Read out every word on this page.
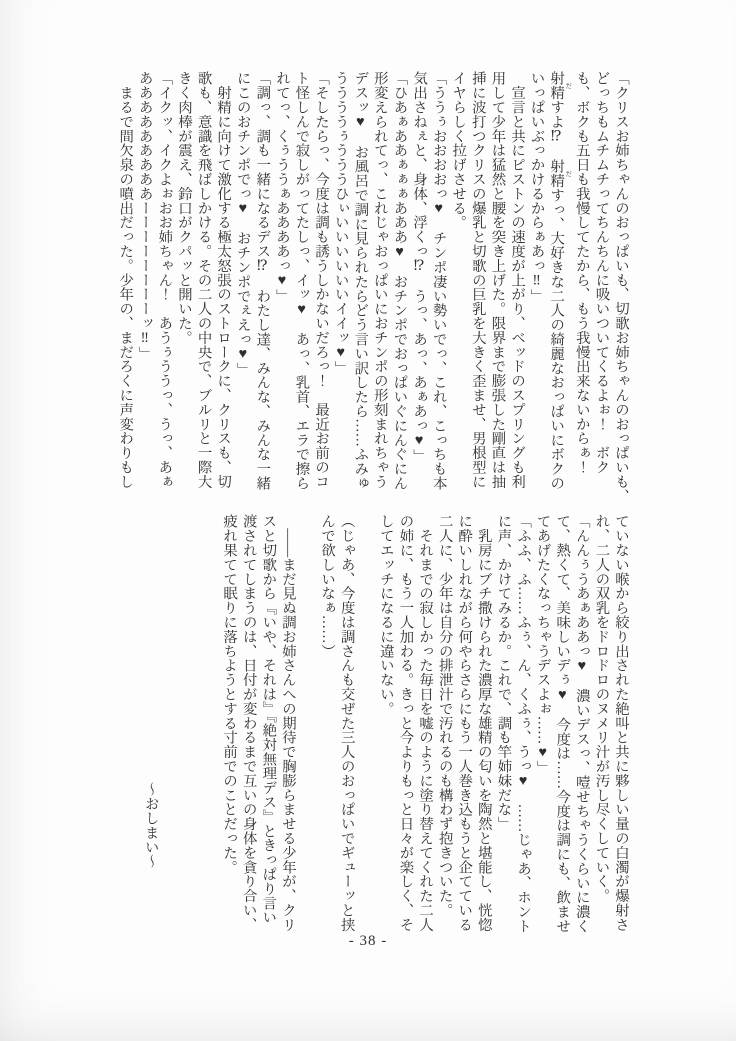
「クリスお姉ちゃんのおっぱいも、切歌お姉ちゃんのおっぱいも、

どっちもムチムチってちんちんに吸いついてくるよぉ！　ボク

も、ボクも五日も我慢してたから、もう我慢出来ないからぁ！

射精 だすよ⁉　射精 だすっ、大好きな二人の綺麗なおっぱいにボクの

いっぱいぶっかけるからぁあっ‼」

　宣言と共にピストンの速度が上がり、ベッドのスプリングも利

用して少年は猛然と腰を突き上げた。限界まで膨張した剛直は抽

挿に波打つクリスの爆乳と切歌の巨乳を大きく歪ませ、男根型に

イヤらしく拉げさせる。

「ううぅおおおおっ♥　チンポ凄い勢いでっ、これ、こっちも本

気出さねぇと、身体、浮くっ⁉　うっ、あっ、あぁあっ♥」

「ひあぁああぁぁぁあああ♥　おチンポでおっぱいぐにんぐにん

形変えられてっ、これじゃおっぱいにおチンポの形刻まれちゃう

デスッ♥　お風呂で調に見られたらどう言い訳したら……ふみゅ

ううううぅうううひぃいいいいいいイイッ♥」

「そしたらっ、今度は調も誘うしかないだろっ！　最近お前のコ

ト怪しんで寂しがってたしっ、イッ♥　あっ、乳首、エラで擦ら

れてっ、くぅううぁああああっ♥」

「調っ、調も一緒になるデス⁉　わたし達、みんな、みんな一緒

にこのおチンポでっ♥　おチンポでぇえっ♥」

　射精に向けて激化する極太怒張のストロークに、クリスも、切

歌も、意識を飛ばしかける。その二人の中央で、ブルリと一際大

きく肉棒が震え、鈴口がクパッと開いた。

「イクッ、イクよぉおお姉ちゃん！　あうぅううっ、うっ、あぁ

あああああああああーーーーーーーーッ‼」

　まるで間欠泉の噴出だった。少年の、まだろくに声変わりもし

ていない喉から絞り出された絶叫と共に夥しい量の白濁が爆射さ

れ、二人の双乳をドロドロのヌメリ汁が汚し尽くしていく。

「んんぅうあぁああっ♥　濃いデスっ、噎せちゃうくらいに濃く

て、熱くて、美味しいデぅ♥　今度は……今度は調にも、飲ませ

てあげたくなっちゃうデスよぉ……♥」

「ふふ、ふ……ふぅ、ん、くふぅ、うっ♥　……じゃあ、ホント

に声、かけてみるか。これで、調も竿姉妹だな」

　乳房にブチ撒けられた濃厚な雄精の匂いを陶然と堪能し、恍惚

に酔いしれながら何やらさらにもう一人巻き込もうと企てている

二人に、少年は自分の排泄汁で汚れるのも構わず抱きついた。

　それまでの寂しかった毎日を嘘のように塗り替えてくれた二人

の姉に、もう一人加わる。きっと今よりもっと日々が楽しく、そ

してエッチになるに違いない。

（じゃあ、今度は調さんも交ぜた三人のおっぱいでギューッと挟

んで欲しいなぁ……）

　――まだ見ぬ調お姉さんへの期待で胸膨らませる少年が、クリ

スと切歌から『いや、それは』『絶対無理デス』ときっぱり言い

渡されてしまうのは、日付が変わるまで互いの身体を貪り合い、

疲れ果てて眠りに落ちようとする寸前でのことだった。

〜おしまい〜

- 38 -
